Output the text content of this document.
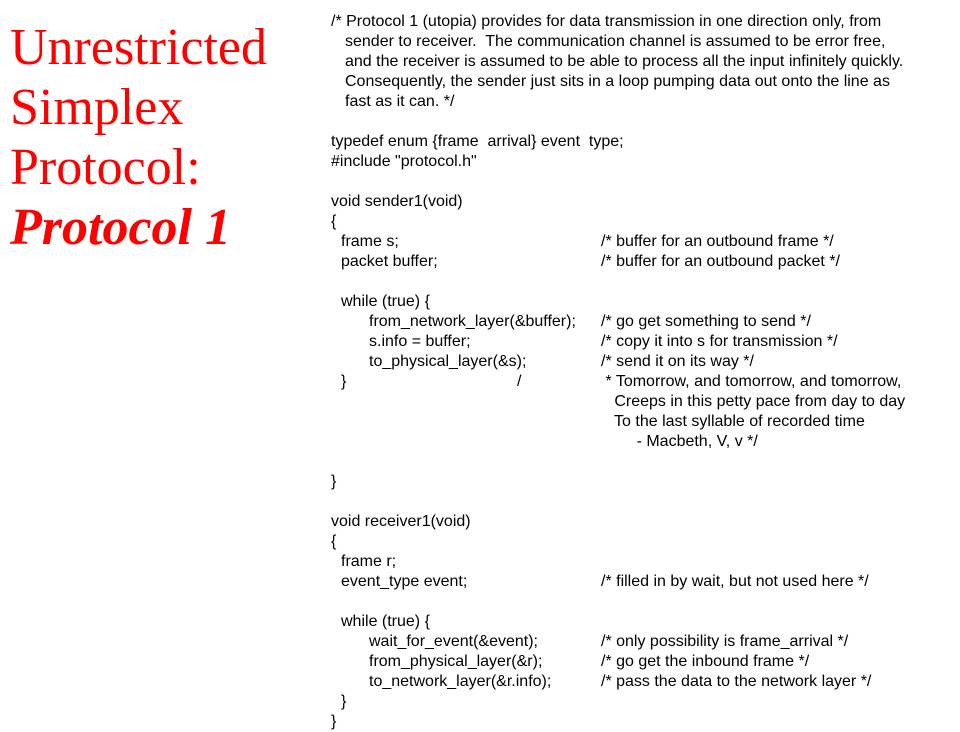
Unrestricted
Simplex
Protocol:
Protocol 1
/* Protocol 1 (utopia) provides for data transmission in one direction only, from
sender to receiver.  The communication channel is assumed to be error free,
and the receiver is assumed to be able to process all the input infinitely quickly.
Consequently, the sender just sits in a loop pumping data out onto the line as
fast as it can. */
typedef enum {frame  arrival} event  type;
#include "protocol.h"
void sender1(void)
{
frame s;	/* buffer for an outbound frame */
packet buffer;	/* buffer for an outbound packet */
while (true) {
from_network_layer(&buffer); /* go get something to send */
s.info = buffer;	/* copy it into s for transmission */
to_physical_layer(&s);	/* send it on its way */
}	/	* Tomorrow, and tomorrow, and tomorrow,
Creeps in this petty pace from day to day
To the last syllable of recorded time
- Macbeth, V, v */
}
void receiver1(void)
{
frame r;
event_type event;	/* filled in by wait, but not used here */
while (true) {
wait_for_event(&event);	/* only possibility is frame_arrival */
from_physical_layer(&r);	/* go get the inbound frame */
to_network_layer(&r.info);	/* pass the data to the network layer */
}
}
